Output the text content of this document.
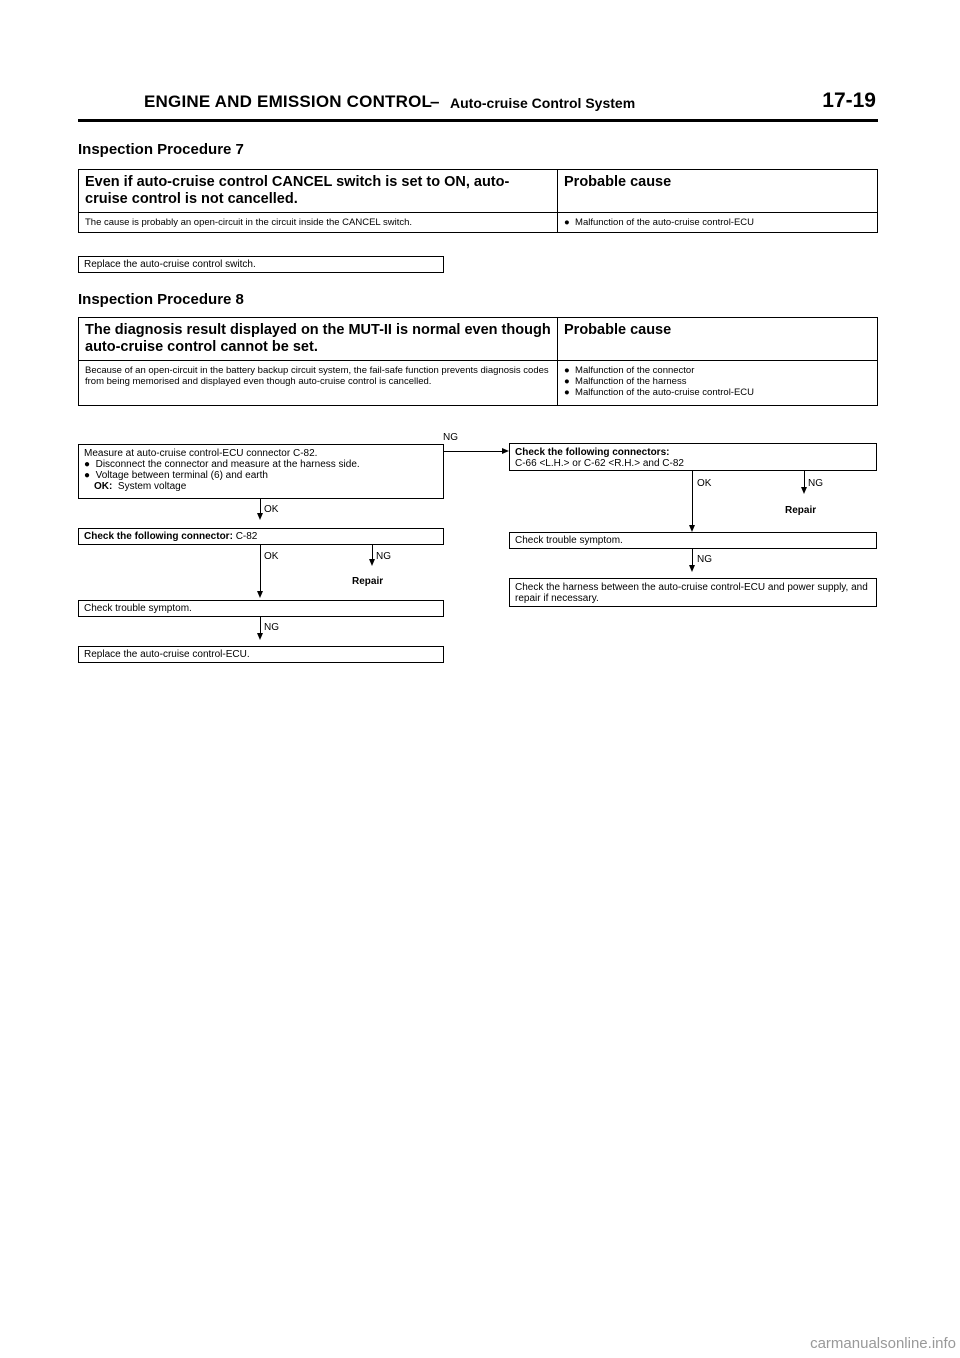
ENGINE AND EMISSION CONTROL
– Auto-cruise Control System	17-19
Inspection Procedure 7
Even if auto-cruise control CANCEL switch is set to ON, auto-cruise control is not cancelled.	Probable cause
The cause is probably an open-circuit in the circuit inside the CANCEL switch.	●  Malfunction of the auto-cruise control-ECU
Replace the auto-cruise control switch.
Inspection Procedure 8
The diagnosis result displayed on the MUT-II is normal even though auto-cruise control cannot be set.	Probable cause
Because of an open-circuit in the battery backup circuit system, the fail-safe function prevents diagnosis codes from being memorised and displayed even though auto-cruise control is cancelled.	●  Malfunction of the connector
●  Malfunction of the harness
●  Malfunction of the auto-cruise control-ECU
Measure at auto-cruise control-ECU connector C-82.
●  Disconnect the connector and measure at the harness side.
●  Voltage between terminal (6) and earth
OK: System voltage
NG
OK
Check the following connector: C-82
OK	NG
Repair
Check trouble symptom.
NG
Replace the auto-cruise control-ECU.
Check the following connectors:
C-66 <L.H.> or C-62 <R.H.> and C-82
OK	NG
Repair
Check trouble symptom.
NG
Check the harness between the auto-cruise control-ECU and power supply, and repair if necessary.
carmanualsonline.info
